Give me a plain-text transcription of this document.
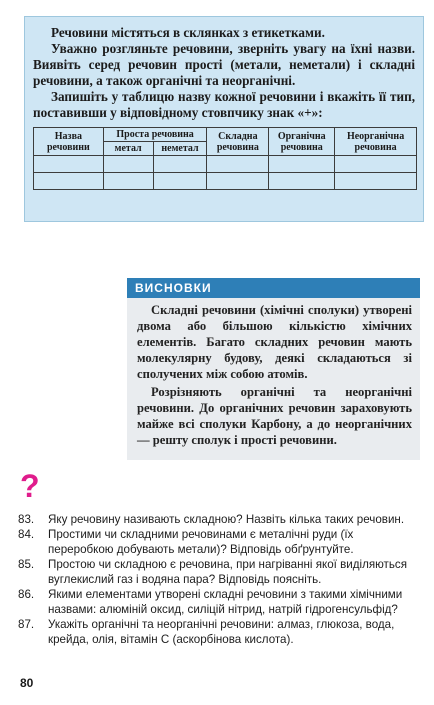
Речовини містяться в склянках з етикетками.

Уважно розгляньте речовини, зверніть увагу на їхні назви. Виявіть серед речовин прості (метали, неметали) і складні речовини, а також органічні та неорганічні.

Запишіть у таблицю назву кожної речовини і вкажіть її тип, поставивши у відповідному стовпчику знак «+»:

Назва речовини	Проста речовина		Складна речовина	Органічна речовина	Неорганічна речовина
	метал	неметал			

ВИСНОВКИ

Складні речовини (хімічні сполуки) утворені двома або більшою кількістю хімічних елементів. Багато складних речовин мають молекулярну будову, деякі складаються зі сполучених між собою атомів.

Розрізняють органічні та неорганічні речовини. До органічних речовин зараховують майже всі сполуки Карбону, а до неорганічних — решту сполук і прості речовини.

?
83.	Яку речовину називають складною? Назвіть кілька таких речовин.
84.	Простими чи складними речовинами є металічні руди (їх переробкою добувають метали)? Відповідь обґрунтуйте.
85.	Простою чи складною є речовина, при нагріванні якої виділяються вуглекислий газ і водяна пара? Відповідь поясніть.
86.	Якими елементами утворені складні речовини з такими хімічними назвами: алюміній оксид, силіцій нітрид, натрій гідрогенсульфід?
87.	Укажіть органічні та неорганічні речовини: алмаз, глюкоза, вода, крейда, олія, вітамін С (аскорбінова кислота).
80
